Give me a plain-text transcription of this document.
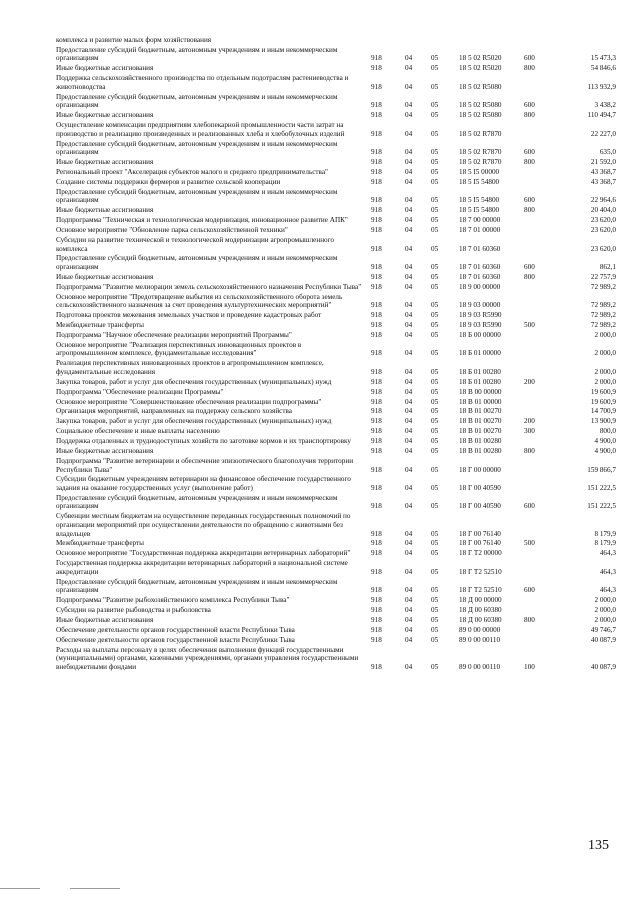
комплекса и развитие малых форм хозяйствования
Предоставление субсидий бюджетным, автономным учреждениям и иным некоммерческим организациям	918	04	05	18 5 02 R5020	600	15 473,3
Иные бюджетные ассигнования	918	04	05	18 5 02 R5020	800	54 846,6
Поддержка сельскохозяйственного производства по отдельным подотраслям растениеводства и животноводства	918	04	05	18 5 02 R5080	113 932,9
Предоставление субсидий бюджетным, автономным учреждениям и иным некоммерческим организациям	918	04	05	18 5 02 R5080	600	3 438,2
Иные бюджетные ассигнования	918	04	05	18 5 02 R5080	800	110 494,7
Осуществление компенсации предприятиям хлебопекарной промышленности части затрат на производство и реализацию произведенных и реализованных хлеба и хлебобулочных изделий	918	04	05	18 5 02 R7870	22 227,0
Предоставление субсидий бюджетным, автономным учреждениям и иным некоммерческим организациям	918	04	05	18 5 02 R7870	600	635,0
Иные бюджетные ассигнования	918	04	05	18 5 02 R7870	800	21 592,0
Региональный проект "Акселерация субъектов малого и среднего предпринимательства"	918	04	05	18 5 I5 00000	43 368,7
Создание системы поддержки фермеров и развитие сельской кооперации	918	04	05	18 5 I5 54800	43 368,7
Предоставление субсидий бюджетным, автономным учреждениям и иным некоммерческим организациям	918	04	05	18 5 I5 54800	600	22 964,6
Иные бюджетные ассигнования	918	04	05	18 5 I5 54800	800	20 404,0
Подпрограмма "Техническая и технологическая модернизация, инновационное развитие АПК"	918	04	05	18 7 00 00000	23 620,0
Основное мероприятие "Обновление парка сельскохозяйственной техники"	918	04	05	18 7 01 00000	23 620,0
Субсидии на развитие технической и технологической модернизации агропромышленного комплекса	918	04	05	18 7 01 60360	23 620,0
Предоставление субсидий бюджетным, автономным учреждениям и иным некоммерческим организациям	918	04	05	18 7 01 60360	600	862,1
Иные бюджетные ассигнования	918	04	05	18 7 01 60360	800	22 757,9
Подпрограмма "Развитие мелиорации земель сельскохозяйственного назначения Республики Тыва"	918	04	05	18 9 00 00000	72 989,2
Основное мероприятие "Предотвращение выбытия из сельскохозяйственного оборота земель сельскохозяйственного назначения за счет проведения культуртехнических мероприятий"	918	04	05	18 9 03 00000	72 989,2
Подготовка проектов межевания земельных участков и проведение кадастровых работ	918	04	05	18 9 03 R5990	72 989,2
Межбюджетные трансферты	918	04	05	18 9 03 R5990	500	72 989,2
Подпрограмма "Научное обеспечение реализации мероприятий Программы"	918	04	05	18 Б 00 00000	2 000,0
Основное мероприятие "Реализация перспективных инновационных проектов в агропромышленном комплексе, фундаментальные исследования"	918	04	05	18 Б 01 00000	2 000,0
Реализация перспективных инновационных проектов в агропромышленном комплексе, фундаментальные исследования	918	04	05	18 Б 01 00280	2 000,0
Закупка товаров, работ и услуг для обеспечения государственных (муниципальных) нужд	918	04	05	18 Б 01 00280	200	2 000,0
Подпрограмма "Обеспечение реализации Программы"	918	04	05	18 В 00 00000	19 600,9
Основное мероприятие "Совершенствование обеспечения реализации подпрограммы"	918	04	05	18 В 01 00000	19 600,9
Организация мероприятий, направленных на поддержку сельского хозяйства	918	04	05	18 В 01 00270	14 700,9
Закупка товаров, работ и услуг для обеспечения государственных (муниципальных) нужд	918	04	05	18 В 01 00270	200	13 900,9
Социальное обеспечение и иные выплаты населению	918	04	05	18 В 01 00270	300	800,0
Поддержка отдаленных и труднодоступных хозяйств по заготовке кормов и их транспортировку	918	04	05	18 В 01 00280	4 900,0
Иные бюджетные ассигнования	918	04	05	18 В 01 00280	800	4 900,0
Подпрограмма "Развитие ветеринарии и обеспечение эпизоотического благополучия территории Республики Тыва"	918	04	05	18 Г 00 00000	159 866,7
Субсидии бюджетным учреждениям ветеринарии на финансовое обеспечение государственного задания на оказание государственных услуг (выполнение работ)	918	04	05	18 Г 00 40590	151 222,5
Предоставление субсидий бюджетным, автономным учреждениям и иным некоммерческим организациям	918	04	05	18 Г 00 40590	600	151 222,5
Субвенции местным бюджетам на осуществление переданных государственных полномочий по организации мероприятий при осуществлении деятельности по обращению с животными без владельцев	918	04	05	18 Г 00 76140	8 179,9
Межбюджетные трансферты	918	04	05	18 Г 00 76140	500	8 179,9
Основное мероприятие "Государственная поддержка аккредитации ветеринарных лабораторий"	918	04	05	18 Г Т2 00000	464,3
Государственная поддержка аккредитации ветеринарных лабораторий в национальной системе аккредитации	918	04	05	18 Г Т2 52510	464,3
Предоставление субсидий бюджетным, автономным учреждениям и иным некоммерческим организациям	918	04	05	18 Г Т2 52510	600	464,3
Подпрограмма "Развитие рыбохозяйственного комплекса Республики Тыва"	918	04	05	18 Д 00 00000	2 000,0
Субсидии на развитие рыбоводства и рыболовства	918	04	05	18 Д 00 60380	2 000,0
Иные бюджетные ассигнования	918	04	05	18 Д 00 60380	800	2 000,0
Обеспечение деятельности органов государственной власти Республики Тыва	918	04	05	89 0 00 00000	49 746,7
Обеспечение деятельности органов государственной власти Республики Тыва	918	04	05	89 0 00 00110	40 087,9
Расходы на выплаты персоналу в целях обеспечения выполнения функций государственными (муниципальными) органами, казенными учреждениями, органами управления государственными внебюджетными фондами	918	04	05	89 0 00 00110	100	40 087,9
135
